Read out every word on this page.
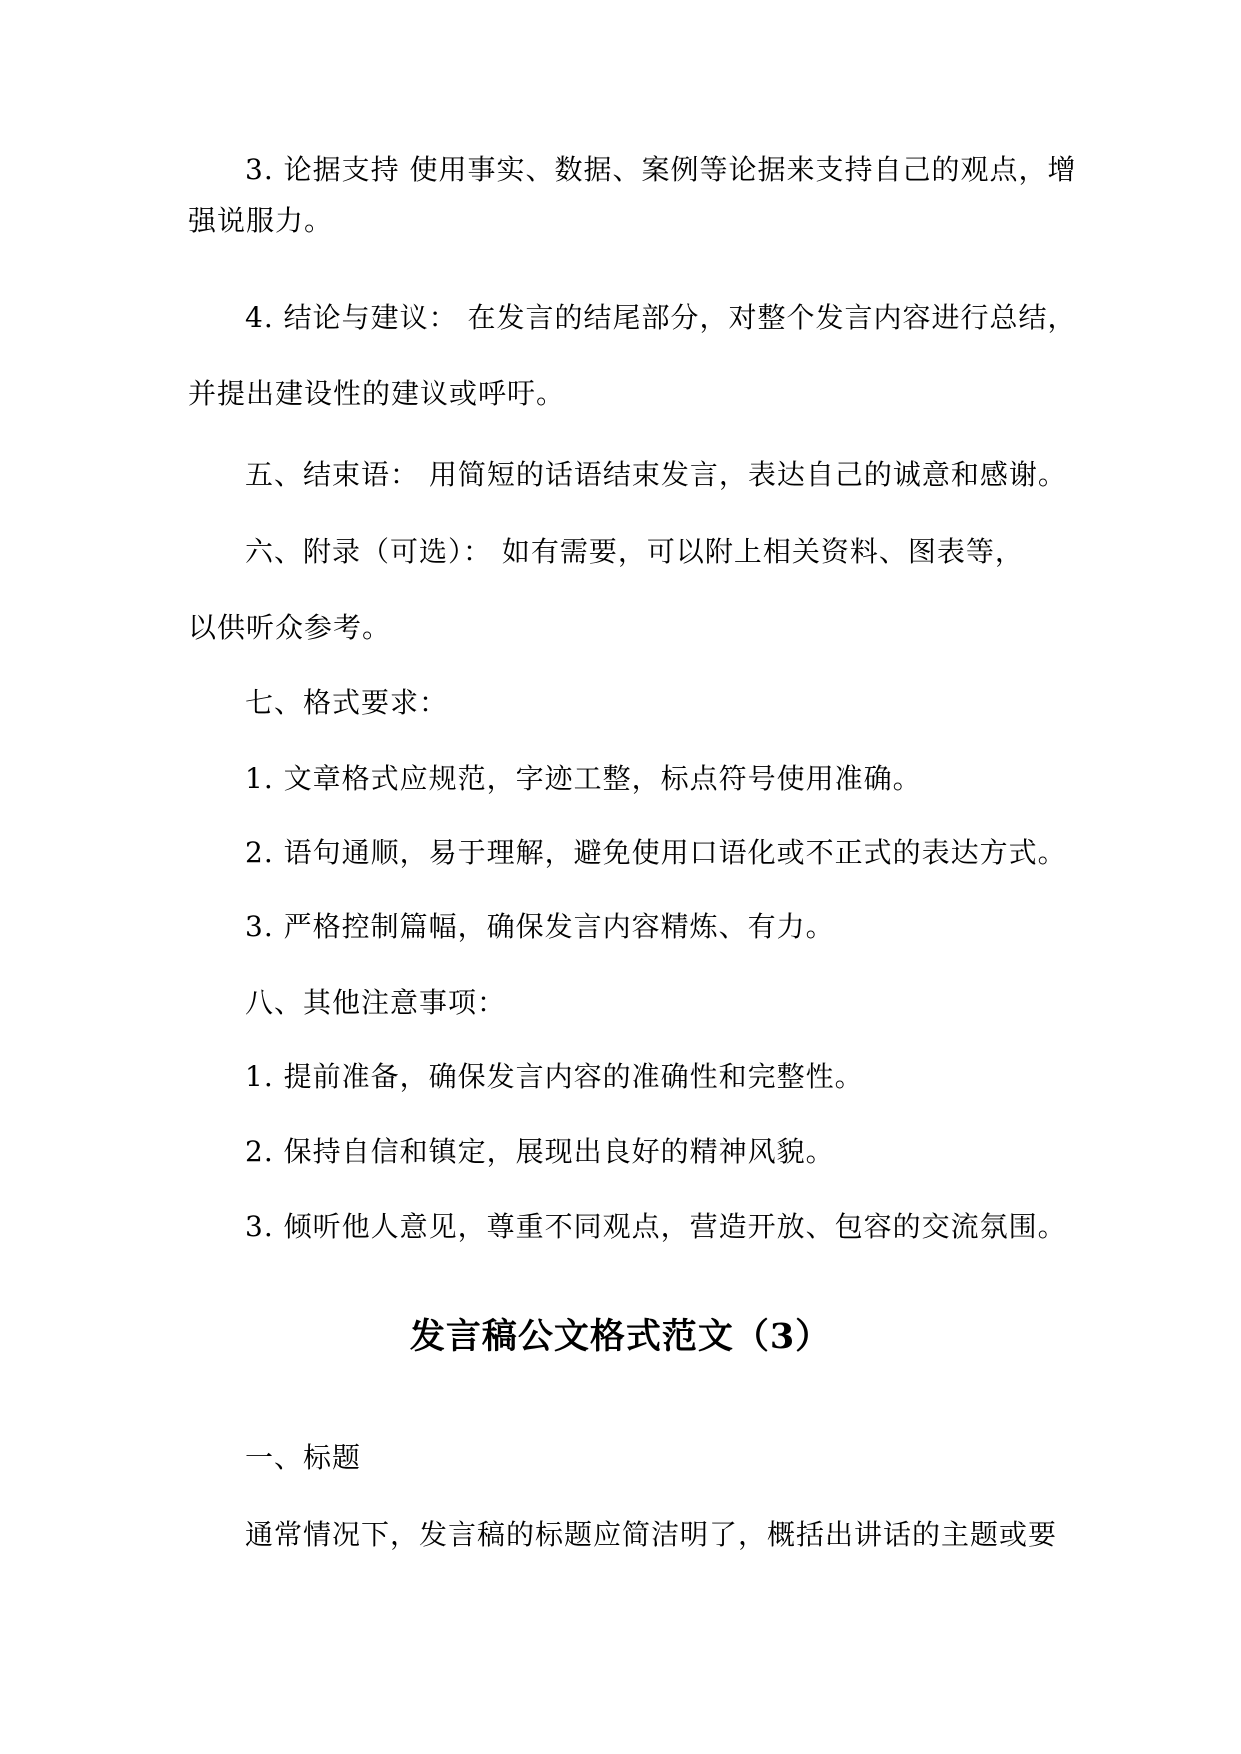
3. 论据支持 使用事实、数据、案例等论据来支持自己的观点，增
强说服力。
4. 结论与建议： 在发言的结尾部分，对整个发言内容进行总结，
并提出建设性的建议或呼吁。
五、结束语： 用简短的话语结束发言，表达自己的诚意和感谢。
六、附录（可选）： 如有需要，可以附上相关资料、图表等，
以供听众参考。
七、格式要求：
1. 文章格式应规范，字迹工整，标点符号使用准确。
2. 语句通顺，易于理解，避免使用口语化或不正式的表达方式。
3. 严格控制篇幅，确保发言内容精炼、有力。
八、其他注意事项：
1. 提前准备，确保发言内容的准确性和完整性。
2. 保持自信和镇定，展现出良好的精神风貌。
3. 倾听他人意见，尊重不同观点，营造开放、包容的交流氛围。
发言稿公文格式范文（3）
一、标题
通常情况下，发言稿的标题应简洁明了，概括出讲话的主题或要
